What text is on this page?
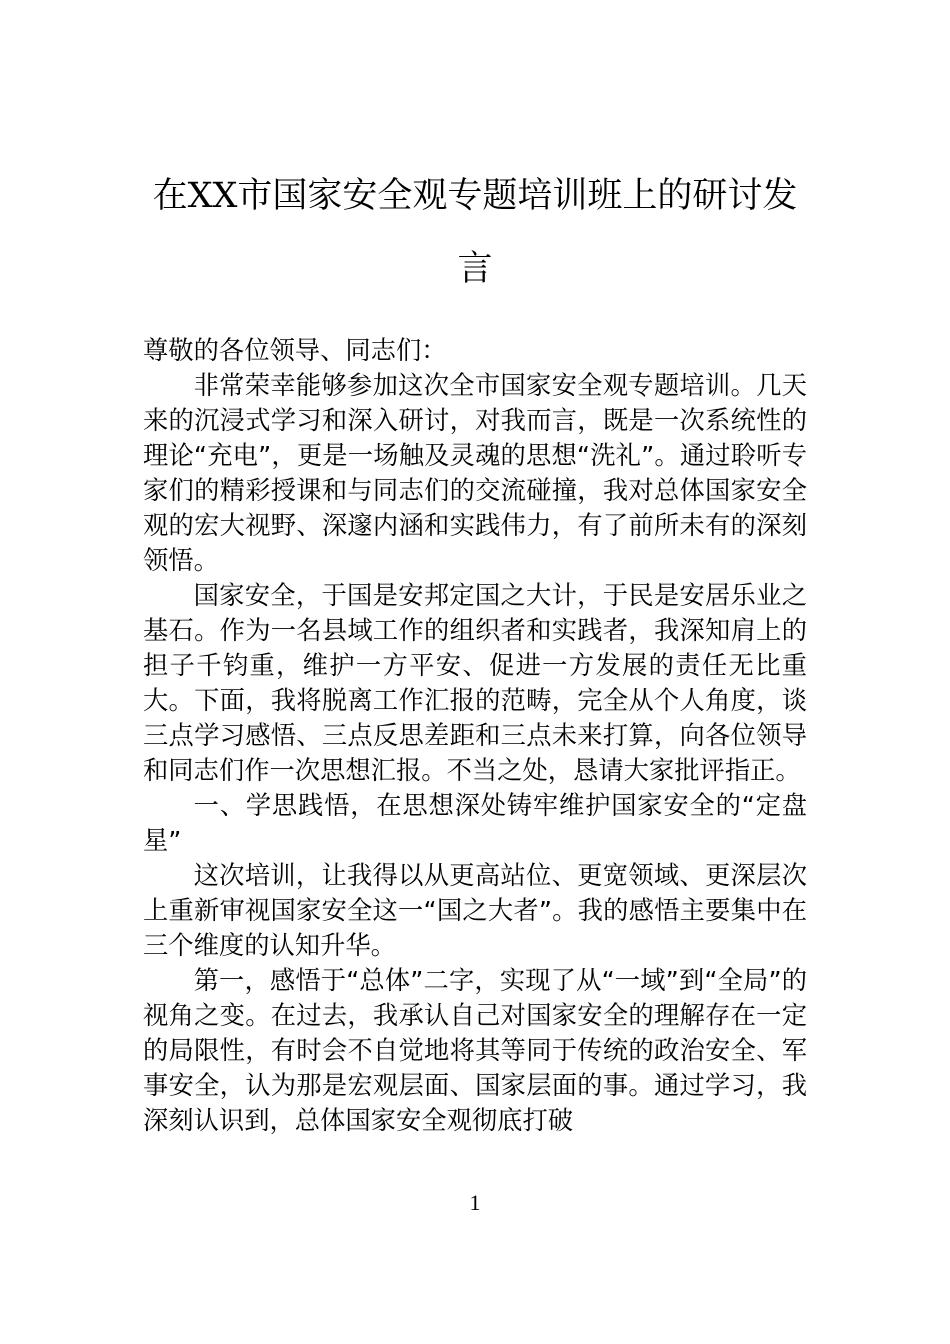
在XX市国家安全观专题培训班上的研讨发言

尊敬的各位领导、同志们：

非常荣幸能够参加这次全市国家安全观专题培训。几天来的沉浸式学习和深入研讨，对我而言，既是一次系统性的理论“充电”，更是一场触及灵魂的思想“洗礼”。通过聆听专家们的精彩授课和与同志们的交流碰撞，我对总体国家安全观的宏大视野、深邃内涵和实践伟力，有了前所未有的深刻领悟。

国家安全，于国是安邦定国之大计，于民是安居乐业之基石。作为一名县域工作的组织者和实践者，我深知肩上的担子千钧重，维护一方平安、促进一方发展的责任无比重大。下面，我将脱离工作汇报的范畴，完全从个人角度，谈三点学习感悟、三点反思差距和三点未来打算，向各位领导和同志们作一次思想汇报。不当之处，恳请大家批评指正。

一、学思践悟，在思想深处铸牢维护国家安全的“定盘星”

这次培训，让我得以从更高站位、更宽领域、更深层次上重新审视国家安全这一“国之大者”。我的感悟主要集中在三个维度的认知升华。

第一，感悟于“总体”二字，实现了从“一域”到“全局”的视角之变。在过去，我承认自己对国家安全的理解存在一定的局限性，有时会不自觉地将其等同于传统的政治安全、军事安全，认为那是宏观层面、国家层面的事。通过学习，我深刻认识到，总体国家安全观彻底打破

1
